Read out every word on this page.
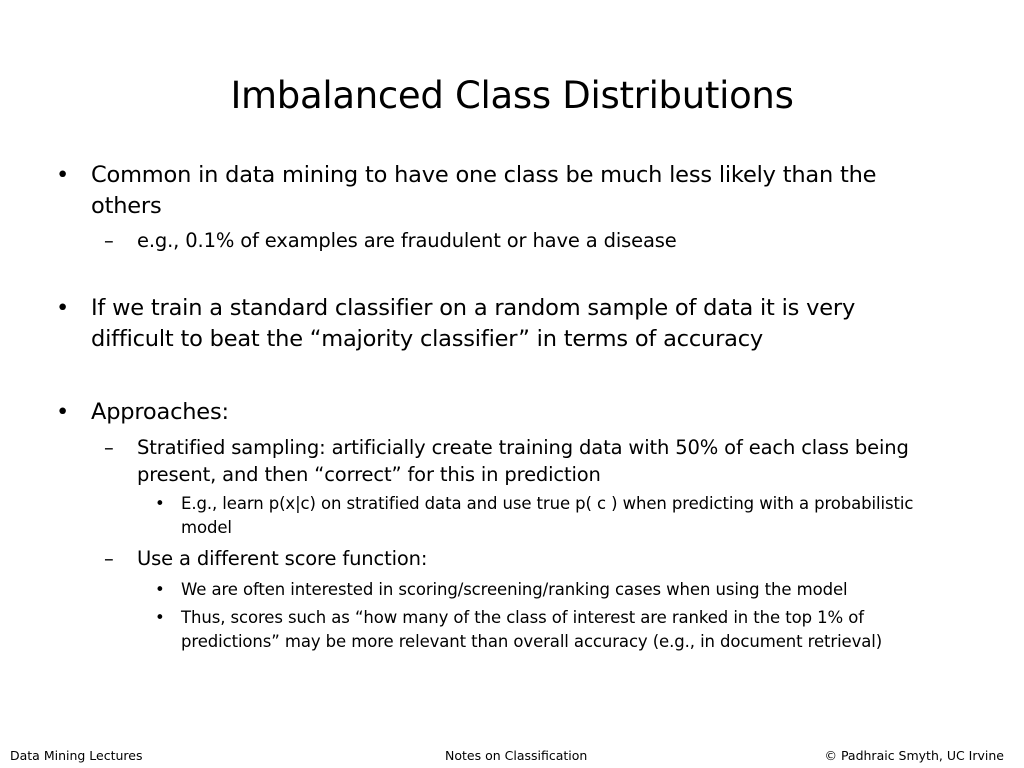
Imbalanced Class Distributions
• Common in data mining to have one class be much less likely than the others
– e.g., 0.1% of examples are fraudulent or have a disease
• If we train a standard classifier on a random sample of data it is very difficult to beat the “majority classifier” in terms of accuracy
• Approaches:
– Stratified sampling: artificially create training data with 50% of each class being present, and then “correct” for this in prediction
• E.g., learn p(x|c) on stratified data and use true p( c ) when predicting with a probabilistic model
– Use a different score function:
• We are often interested in scoring/screening/ranking cases when using the model
• Thus, scores such as “how many of the class of interest are ranked in the top 1% of predictions” may be more relevant than overall accuracy (e.g., in document retrieval)
Data Mining Lectures	Notes on Classification	© Padhraic Smyth, UC Irvine
